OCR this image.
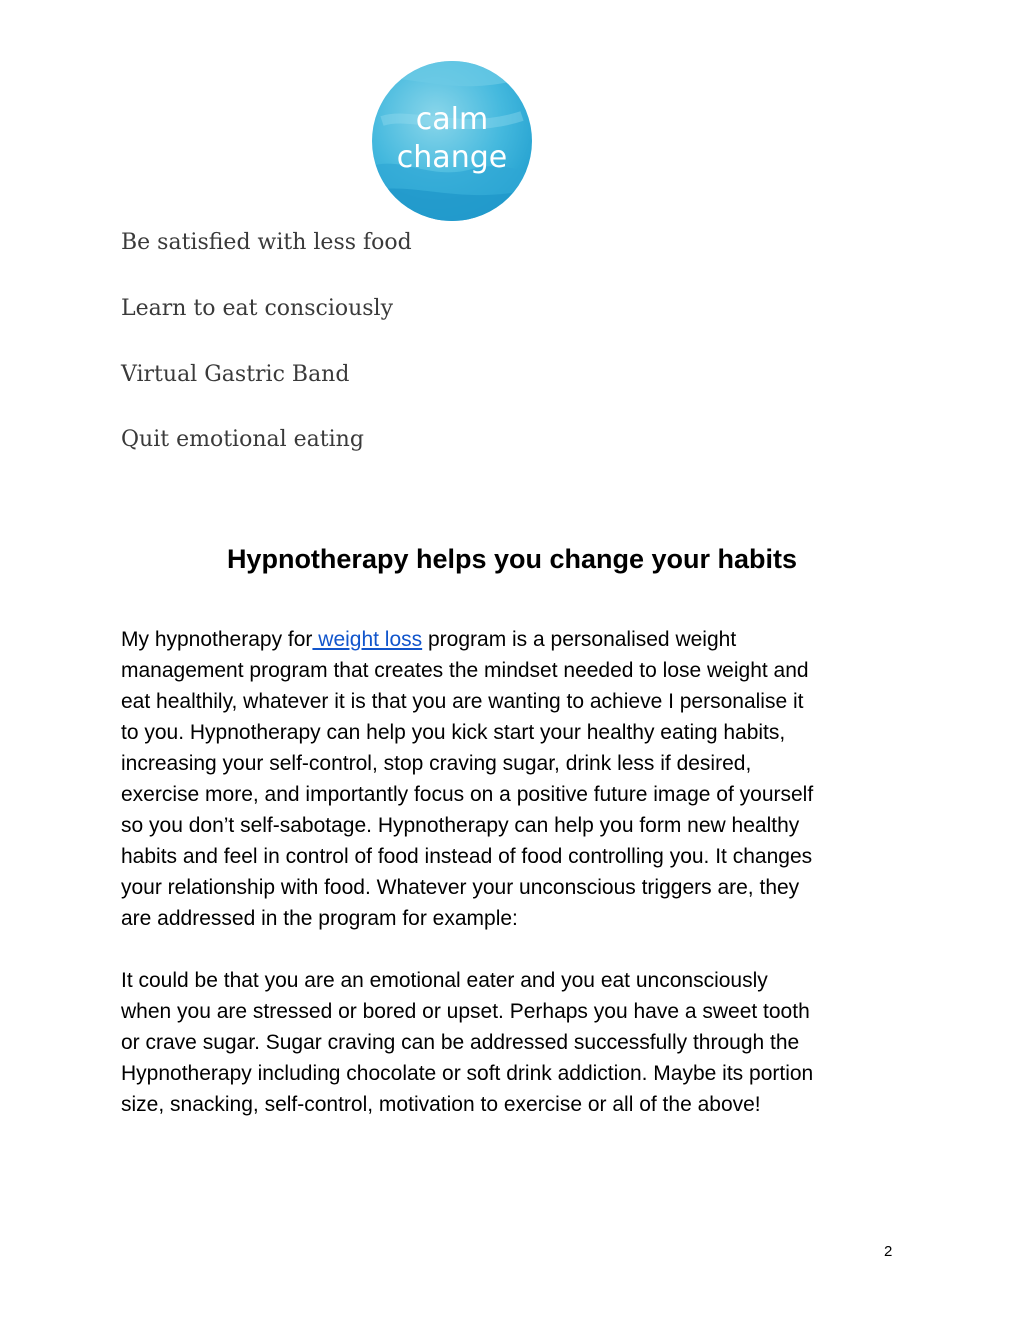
calm
change
Be satisfied with less food
Learn to eat consciously
Virtual Gastric Band
Quit emotional eating
Hypnotherapy helps you change your habits
My hypnotherapy for weight loss program is a personalised weight
management program that creates the mindset needed to lose weight and
eat healthily, whatever it is that you are wanting to achieve I personalise it
to you. Hypnotherapy can help you kick start your healthy eating habits,
increasing your self-control, stop craving sugar, drink less if desired,
exercise more, and importantly focus on a positive future image of yourself
so you don’t self-sabotage. Hypnotherapy can help you form new healthy
habits and feel in control of food instead of food controlling you. It changes
your relationship with food. Whatever your unconscious triggers are, they
are addressed in the program for example:
It could be that you are an emotional eater and you eat unconsciously
when you are stressed or bored or upset. Perhaps you have a sweet tooth
or crave sugar. Sugar craving can be addressed successfully through the
Hypnotherapy including chocolate or soft drink addiction. Maybe its portion
size, snacking, self-control, motivation to exercise or all of the above!
2
